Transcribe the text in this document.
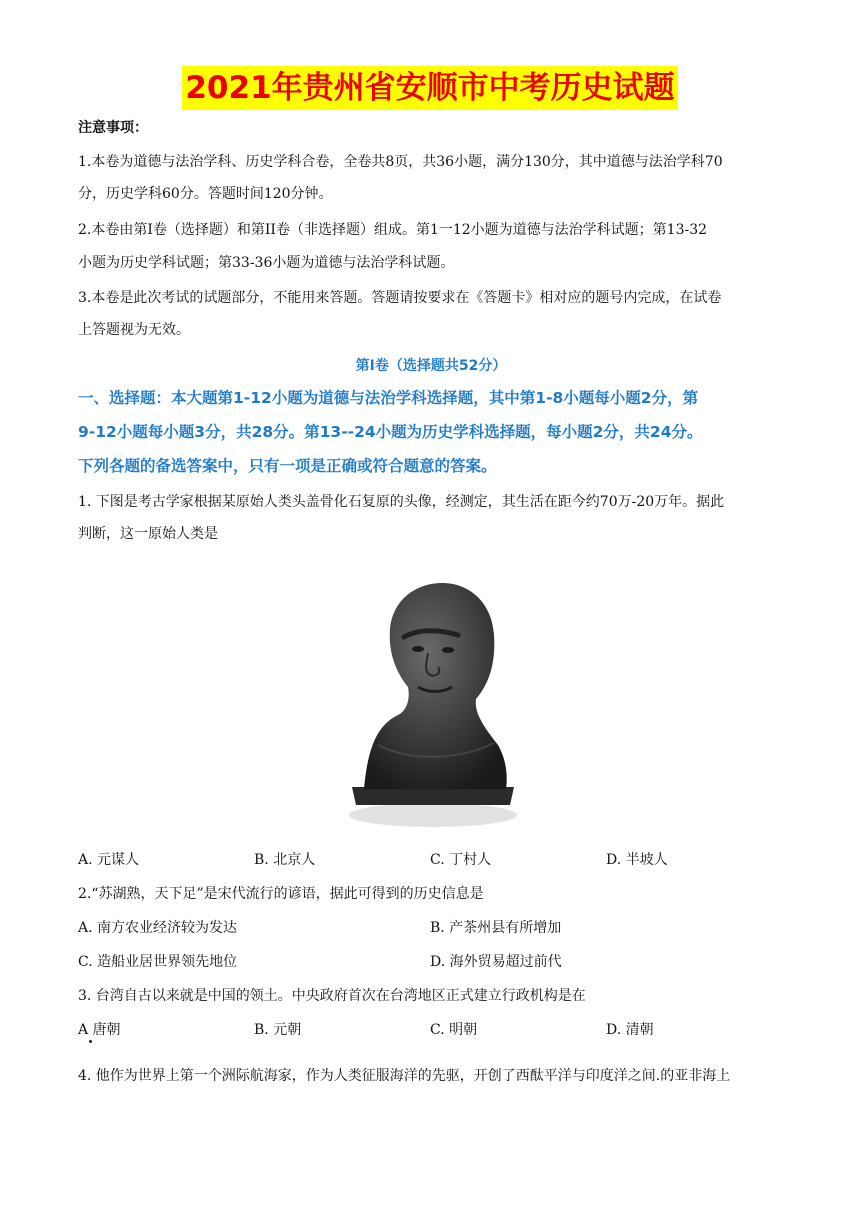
2021年贵州省安顺市中考历史试题
注意事项：
1.本卷为道德与法治学科、历史学科合卷，全卷共8页，共36小题，满分130分，其中道德与法治学科70
分，历史学科60分。答题时间120分钟。
2.本卷由第I卷（选择题）和第II卷（非选择题）组成。第1一12小题为道德与法治学科试题；第13-32
小题为历史学科试题；第33-36小题为道德与法治学科试题。
3.本卷是此次考试的试题部分，不能用来答题。答题请按要求在《答题卡》相对应的题号内完成，在试卷
上答题视为无效。
第I卷（选择题共52分）
一、选择题：本大题第1-12小题为道德与法治学科选择题，其中第1-8小题每小题2分，第
9-12小题每小题3分，共28分。第13--24小题为历史学科选择题，每小题2分，共24分。
下列各题的备选答案中，只有一项是正确或符合题意的答案。
1. 下图是考古学家根据某原始人类头盖骨化石复原的头像，经测定，其生活在距今约70万-20万年。据此
判断，这一原始人类是
A. 元谋人	B. 北京人	C. 丁村人	D. 半坡人
2.“苏湖熟，天下足”是宋代流行的谚语，据此可得到的历史信息是
A. 南方农业经济较为发达	B. 产茶州县有所增加
C. 造船业居世界领先地位	D. 海外贸易超过前代
3. 台湾自古以来就是中国的领土。中央政府首次在台湾地区正式建立行政机构是在
A 唐朝	B. 元朝	C. 明朝	D. 清朝
4. 他作为世界上第一个洲际航海家，作为人类征服海洋的先驱，开创了西酞平洋与印度洋之间.的亚非海上
